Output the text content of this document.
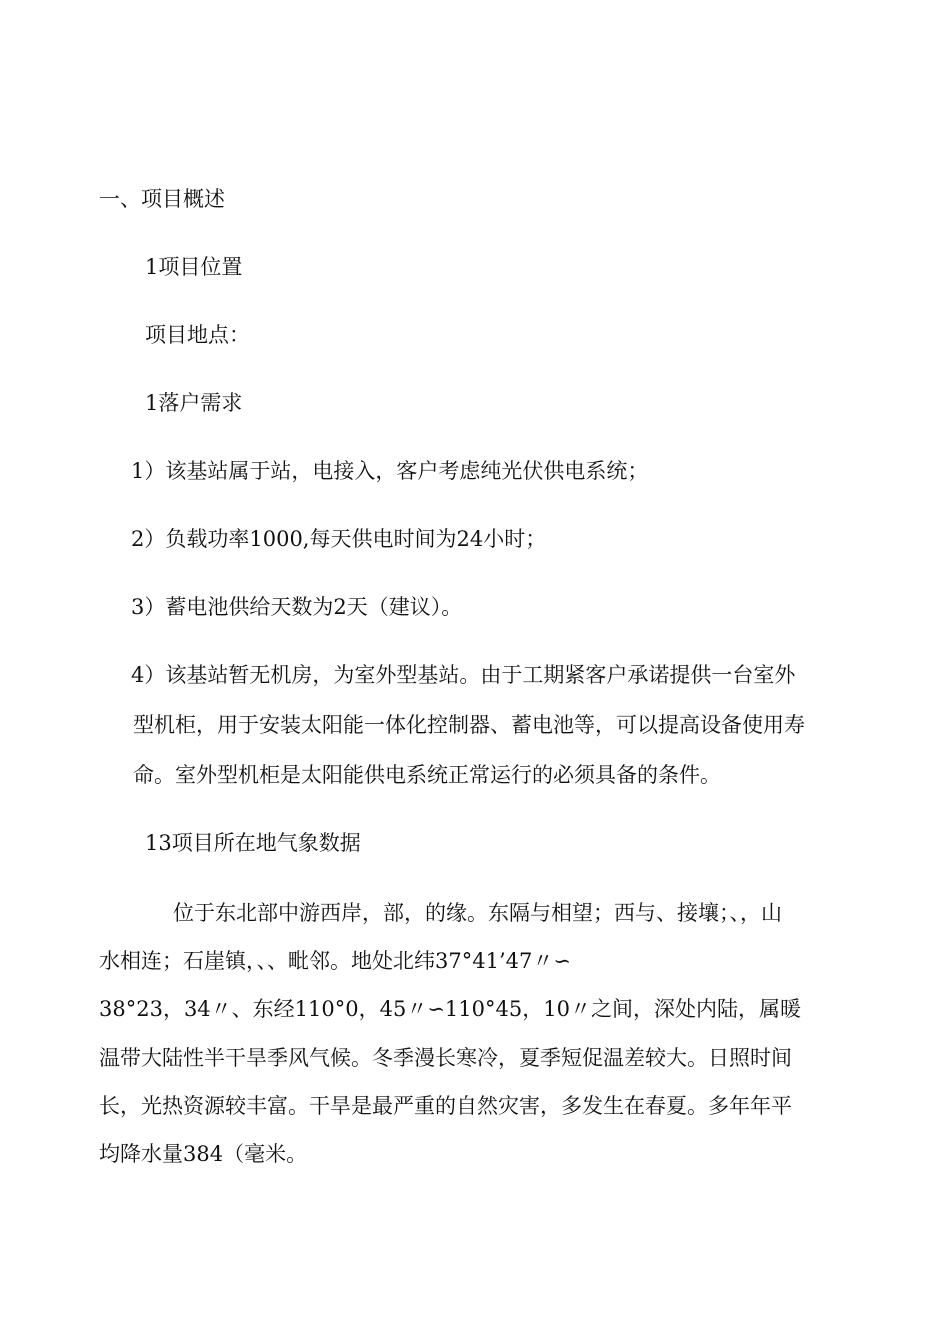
一、项目概述
1项目位置
项目地点：
1落户需求
1）该基站属于站，电接入，客户考虑纯光伏供电系统；
2）负载功率1000,每天供电时间为24小时；
3）蓄电池供给天数为2天（建议）。
4）该基站暂无机房，为室外型基站。由于工期紧客户承诺提供一台室外
型机柜，用于安装太阳能一体化控制器、蓄电池等，可以提高设备使用寿
命。室外型机柜是太阳能供电系统正常运行的必须具备的条件。
13项目所在地气象数据
位于东北部中游西岸，部，的缘。东隔与相望；西与、接壤；、，山
水相连；石崖镇，、、毗邻。地处北纬37°41’47〃∽
38°23，34〃、东经110°0，45〃∽110°45，10〃之间，深处内陆，属暖
温带大陆性半干旱季风气候。冬季漫长寒冷，夏季短促温差较大。日照时间
长，光热资源较丰富。干旱是最严重的自然灾害，多发生在春夏。多年年平
均降水量384（毫米。
